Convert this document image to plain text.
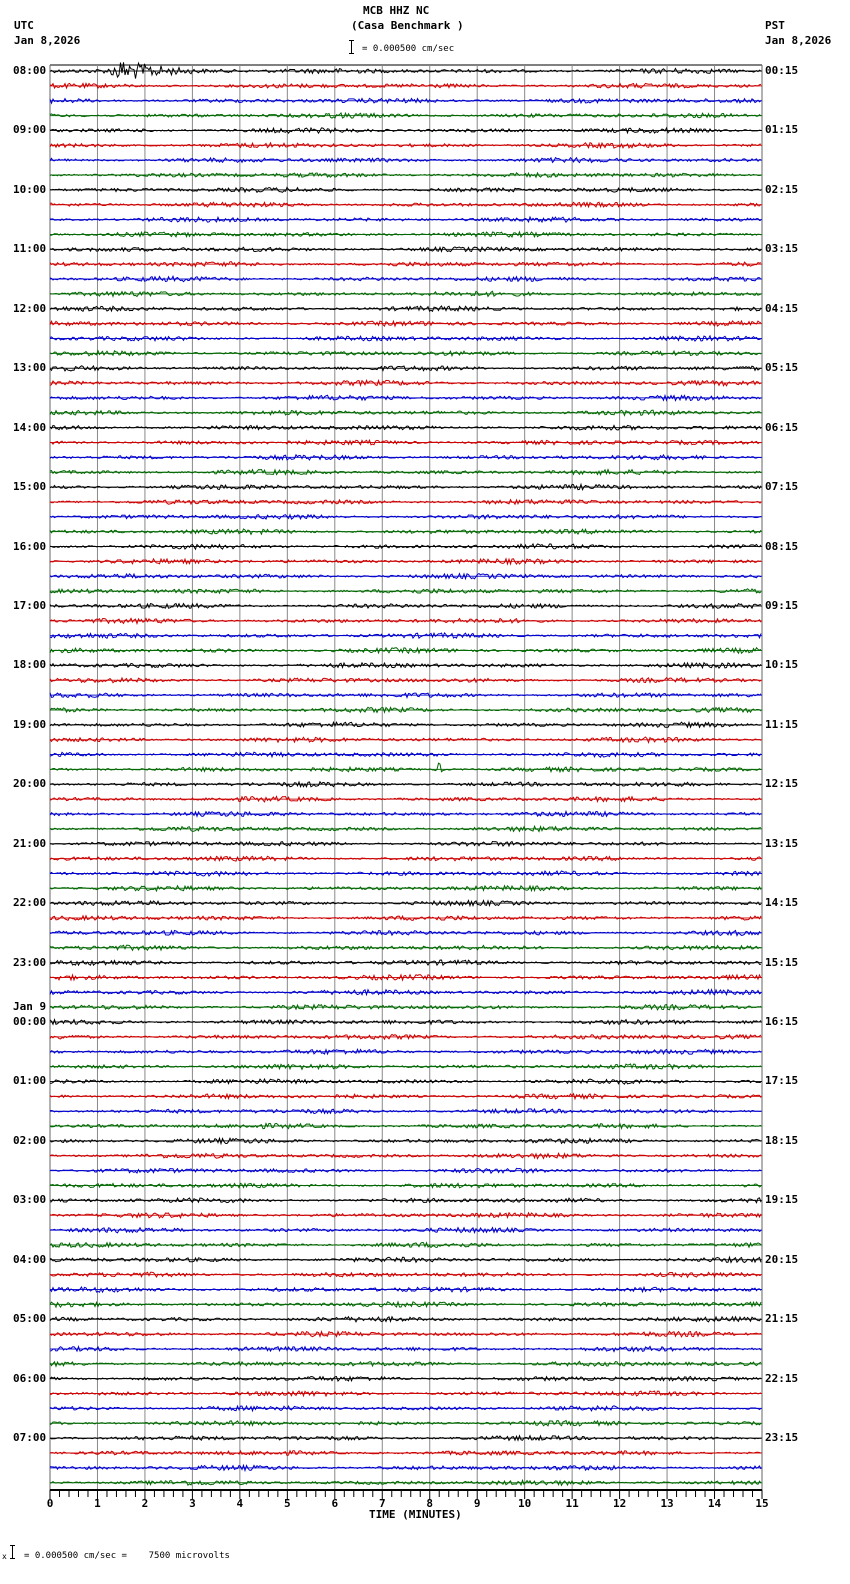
MCB HHZ NC
(Casa Benchmark )
UTC
Jan 8,2026
PST
Jan 8,2026
= 0.000500 cm/sec
0	1	2	3	4	5	6	7	8	9	10	11	12	13	14	15
TIME (MINUTES)
x = 0.000500 cm/sec =    7500 microvolts
08:00
09:00
10:00
11:00
12:00
13:00
14:00
15:00
16:00
17:00
18:00
19:00
20:00
21:00
22:00
23:00
00:00
Jan 9
01:00
02:00
03:00
04:00
05:00
06:00
07:00
00:15
01:15
02:15
03:15
04:15
05:15
06:15
07:15
08:15
09:15
10:15
11:15
12:15
13:15
14:15
15:15
16:15
17:15
18:15
19:15
20:15
21:15
22:15
23:15
